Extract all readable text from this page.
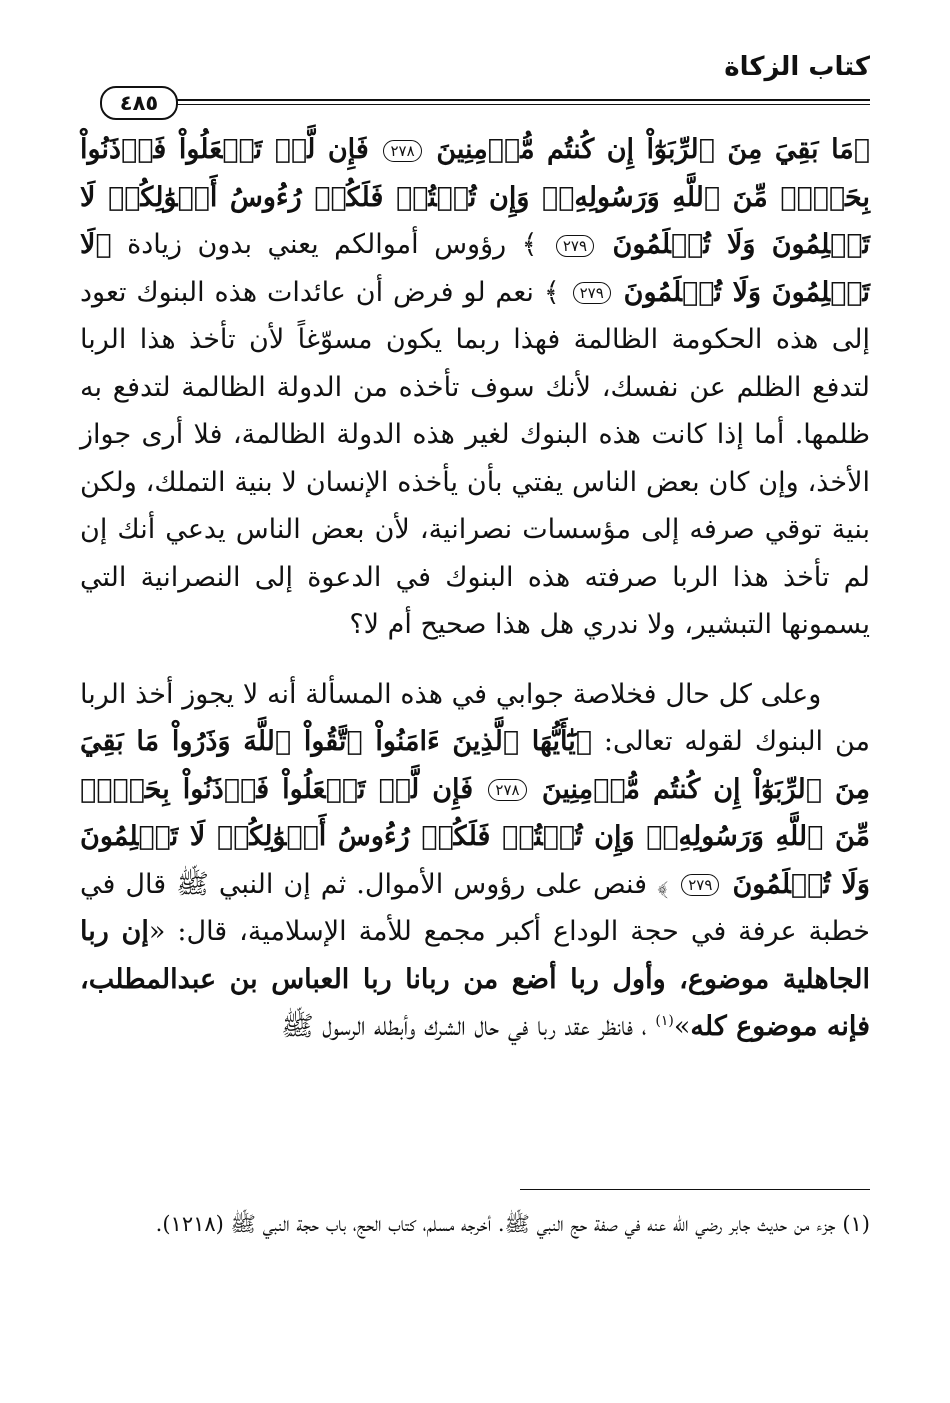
كتاب الزكاة
٤٨٥

﴿مَا بَقِيَ مِنَ ٱلرِّبَوٰٓاْ إِن كُنتُم مُّؤۡمِنِينَ ٢٧٨ فَإِن لَّمۡ تَفۡعَلُواْ فَأۡذَنُواْ بِحَرۡبٖ مِّنَ ٱللَّهِ وَرَسُولِهِۦۖ وَإِن تُبۡتُمۡ فَلَكُمۡ رُءُوسُ أَمۡوَٰلِكُمۡ لَا تَظۡلِمُونَ وَلَا تُظۡلَمُونَ ٢٧٩ ﴾ رؤوس أموالكم يعني بدون زيادة ﴿لَا تَظۡلِمُونَ وَلَا تُظۡلَمُونَ ٢٧٩ ﴾ نعم لو فرض أن عائدات هذه البنوك تعود إلى هذه الحكومة الظالمة فهذا ربما يكون مسوّغاً لأن تأخذ هذا الربا لتدفع الظلم عن نفسك، لأنك سوف تأخذه من الدولة الظالمة لتدفع به ظلمها. أما إذا كانت هذه البنوك لغير هذه الدولة الظالمة، فلا أرى جواز الأخذ، وإن كان بعض الناس يفتي بأن يأخذه الإنسان لا بنية التملك، ولكن بنية توقي صرفه إلى مؤسسات نصرانية، لأن بعض الناس يدعي أنك إن لم تأخذ هذا الربا صرفته هذه البنوك في الدعوة إلى النصرانية التي يسمونها التبشير، ولا ندري هل هذا صحيح أم لا؟

وعلى كل حال فخلاصة جوابي في هذه المسألة أنه لا يجوز أخذ الربا من البنوك لقوله تعالى: ﴿يَٰٓأَيُّهَا ٱلَّذِينَ ءَامَنُواْ ٱتَّقُواْ ٱللَّهَ وَذَرُواْ مَا بَقِيَ مِنَ ٱلرِّبَوٰٓاْ إِن كُنتُم مُّؤۡمِنِينَ ٢٧٨ فَإِن لَّمۡ تَفۡعَلُواْ فَأۡذَنُواْ بِحَرۡبٖ مِّنَ ٱللَّهِ وَرَسُولِهِۦۖ وَإِن تُبۡتُمۡ فَلَكُمۡ رُءُوسُ أَمۡوَٰلِكُمۡ لَا تَظۡلِمُونَ وَلَا تُظۡلَمُونَ ٢٧٩ ﴾ فنص على رؤوس الأموال. ثم إن النبي ﷺ قال في خطبة عرفة في حجة الوداع أكبر مجمع للأمة الإسلامية، قال: «إن ربا الجاهلية موضوع، وأول ربا أضع من ربانا ربا العباس بن عبدالمطلب، فإنه موضوع كله»$^{(١)}$ ، فانظر عقد ربا في حال الشرك وأبطله الرسول ﷺ

(١) جزء من حديث جابر رضي الله عنه في صفة حج النبي ﷺ. أخرجه مسلم، كتاب الحج، باب حجة النبي ﷺ (١٢١٨).
